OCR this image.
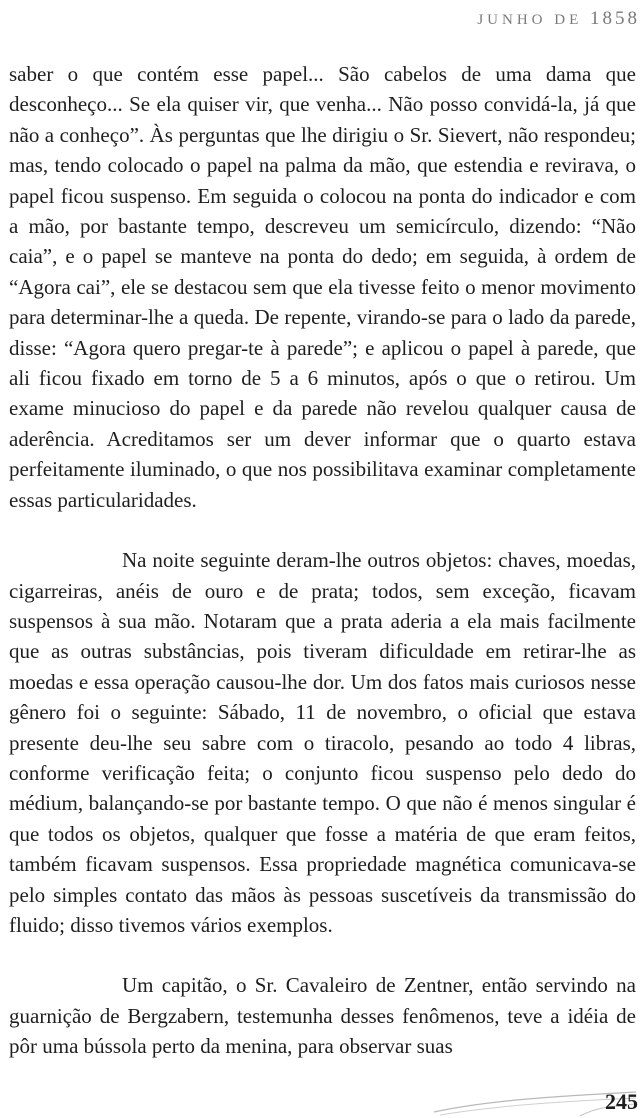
JUNHO DE 1858

saber o que contém esse papel... São cabelos de uma dama que desconheço... Se ela quiser vir, que venha... Não posso convidá-la, já que não a conheço”. Às perguntas que lhe dirigiu o Sr. Sievert, não respondeu; mas, tendo colocado o papel na palma da mão, que estendia e revirava, o papel ficou suspenso. Em seguida o colocou na ponta do indicador e com a mão, por bastante tempo, descreveu um semicírculo, dizendo: “Não caia”, e o papel se manteve na ponta do dedo; em seguida, à ordem de “Agora cai”, ele se destacou sem que ela tivesse feito o menor movimento para determinar-lhe a queda. De repente, virando-se para o lado da parede, disse: “Agora quero pregar-te à parede”; e aplicou o papel à parede, que ali ficou fixado em torno de 5 a 6 minutos, após o que o retirou. Um exame minucioso do papel e da parede não revelou qualquer causa de aderência. Acreditamos ser um dever informar que o quarto estava perfeitamente iluminado, o que nos possibilitava examinar completamente essas particularidades.

Na noite seguinte deram-lhe outros objetos: chaves, moedas, cigarreiras, anéis de ouro e de prata; todos, sem exceção, ficavam suspensos à sua mão. Notaram que a prata aderia a ela mais facilmente que as outras substâncias, pois tiveram dificuldade em retirar-lhe as moedas e essa operação causou-lhe dor. Um dos fatos mais curiosos nesse gênero foi o seguinte: Sábado, 11 de novembro, o oficial que estava presente deu-lhe seu sabre com o tiracolo, pesando ao todo 4 libras, conforme verificação feita; o conjunto ficou suspenso pelo dedo do médium, balançando-se por bastante tempo. O que não é menos singular é que todos os objetos, qualquer que fosse a matéria de que eram feitos, também ficavam suspensos. Essa propriedade magnética comunicava-se pelo simples contato das mãos às pessoas suscetíveis da transmissão do fluido; disso tivemos vários exemplos.

Um capitão, o Sr. Cavaleiro de Zentner, então servindo na guarnição de Bergzabern, testemunha desses fenômenos, teve a idéia de pôr uma bússola perto da menina, para observar suas

245
